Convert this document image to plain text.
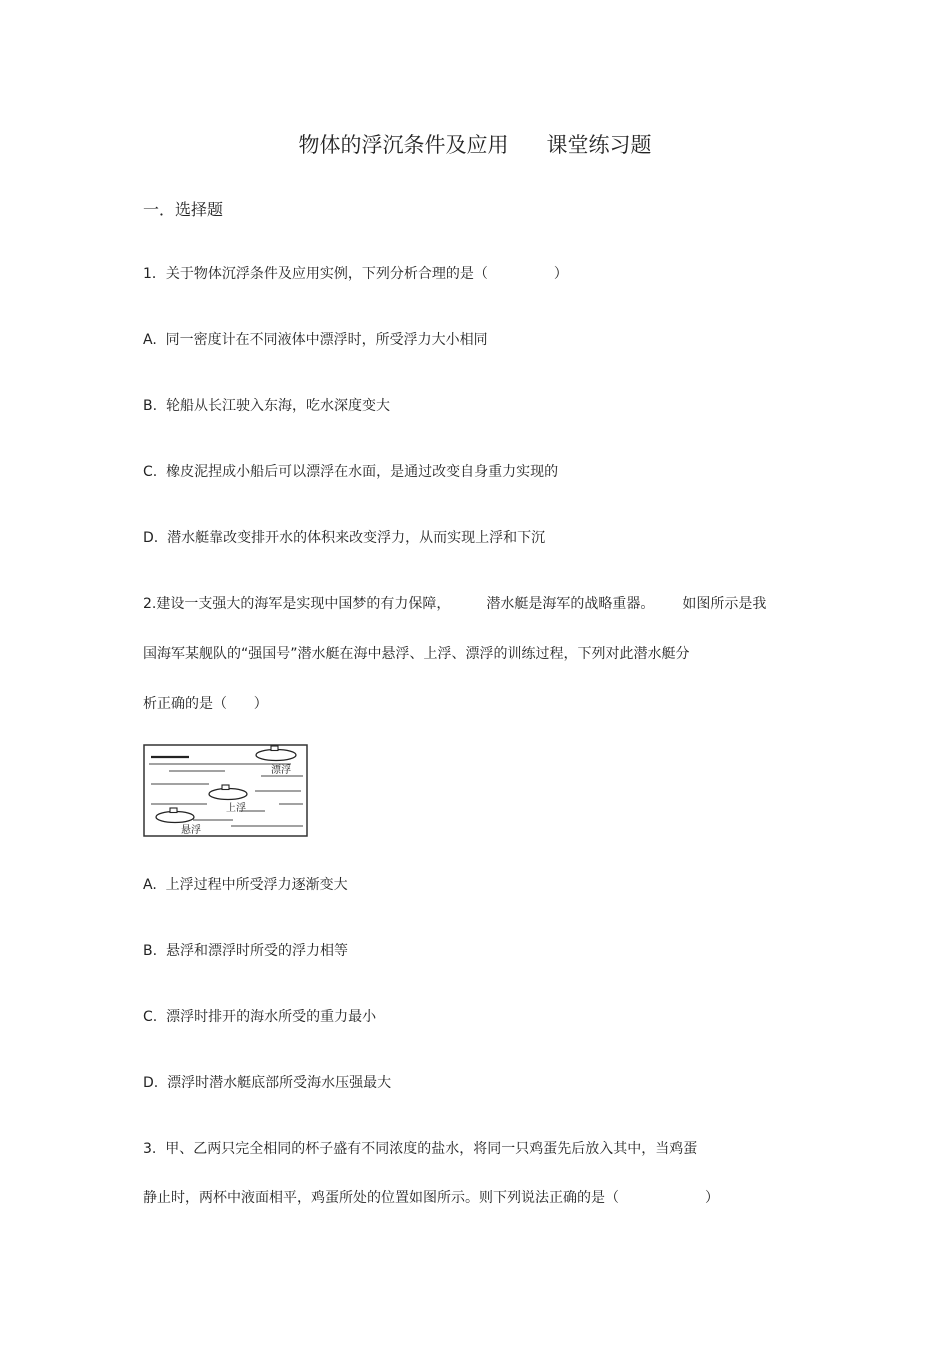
物体的浮沉条件及应用 课堂练习题
一．选择题
1．关于物体沉浮条件及应用实例，下列分析合理的是（	）
A.  同一密度计在不同液体中漂浮时，所受浮力大小相同
B.  轮船从长江驶入东海，吃水深度变大
C.  橡皮泥捏成小船后可以漂浮在水面，是通过改变自身重力实现的
D.  潜水艇靠改变排开水的体积来改变浮力，从而实现上浮和下沉
2.建设一支强大的海军是实现中国梦的有力保障，	潜水艇是海军的战略重器。 如图所示是我
国海军某舰队的“强国号”潜水艇在海中悬浮、上浮、漂浮的训练过程，下列对此潜水艇分
析正确的是（      ）
漂浮
上浮
悬浮
A.  上浮过程中所受浮力逐渐变大
B.  悬浮和漂浮时所受的浮力相等
C.  漂浮时排开的海水所受的重力最小
D.  漂浮时潜水艇底部所受海水压强最大
3.  甲、乙两只完全相同的杯子盛有不同浓度的盐水，将同一只鸡蛋先后放入其中，当鸡蛋
静止时，两杯中液面相平，鸡蛋所处的位置如图所示。则下列说法正确的是（	）
